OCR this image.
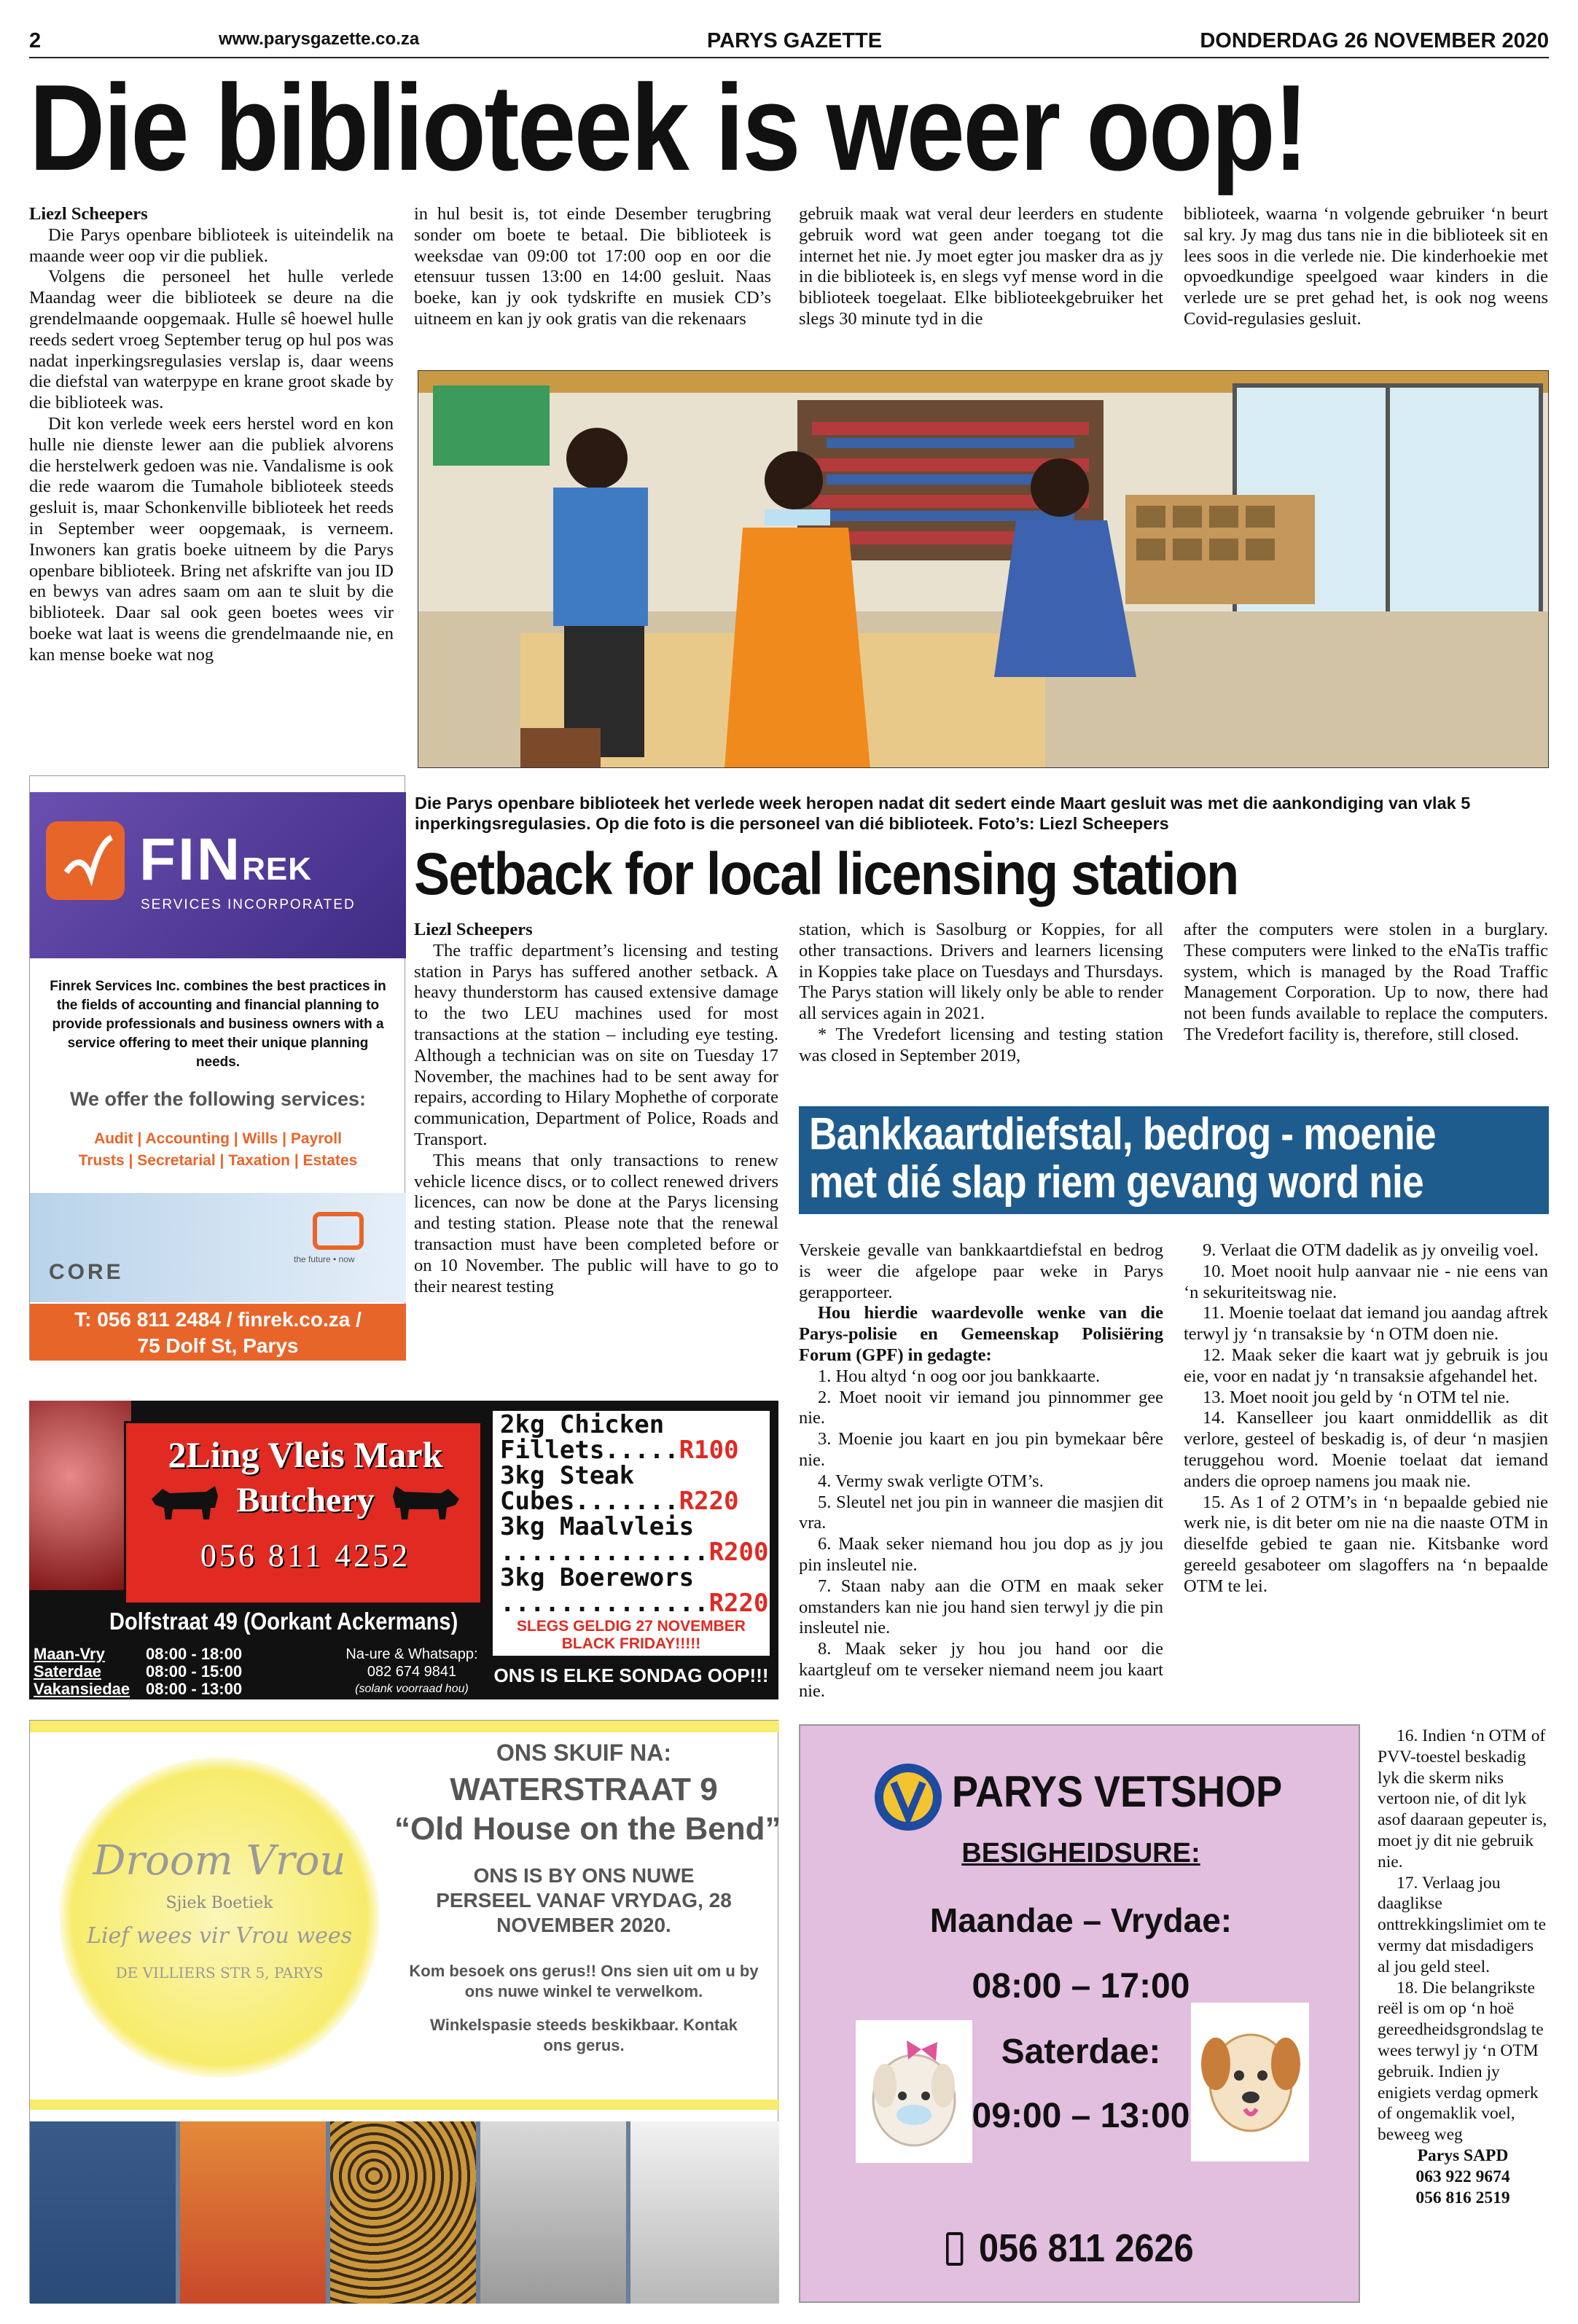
2	www.parysgazette.co.za	PARYS GAZETTE	DONDERDAG 26 NOVEMBER 2020
Die biblioteek is weer oop!
Liezl Scheepers

Die Parys openbare biblioteek is uiteindelik na maande weer oop vir die publiek.

Volgens die personeel het hulle verlede Maandag weer die biblioteek se deure na die grendelmaande oopgemaak. Hulle sê hoewel hulle reeds sedert vroeg September terug op hul pos was nadat inperkingsregulasies verslap is, daar weens die diefstal van waterpype en krane groot skade by die biblioteek was.

Dit kon verlede week eers herstel word en kon hulle nie dienste lewer aan die publiek alvorens die herstelwerk gedoen was nie. Vandalisme is ook die rede waarom die Tumahole biblioteek steeds gesluit is, maar Schonkenville biblioteek het reeds in September weer oopgemaak, is verneem. Inwoners kan gratis boeke uitneem by die Parys openbare biblioteek. Bring net afskrifte van jou ID en bewys van adres saam om aan te sluit by die biblioteek. Daar sal ook geen boetes wees vir boeke wat laat is weens die grendelmaande nie, en kan mense boeke wat nog

in hul besit is, tot einde Desember terugbring sonder om boete te betaal. Die biblioteek is weeksdae van 09:00 tot 17:00 oop en oor die etensuur tussen 13:00 en 14:00 gesluit. Naas boeke, kan jy ook tydskrifte en musiek CD’s uitneem en kan jy ook gratis van die rekenaars

gebruik maak wat veral deur leerders en studente gebruik word wat geen ander toegang tot die internet het nie. Jy moet egter jou masker dra as jy in die biblioteek is, en slegs vyf mense word in die biblioteek toegelaat. Elke biblioteekgebruiker het slegs 30 minute tyd in die

biblioteek, waarna ‘n volgende gebruiker ‘n beurt sal kry. Jy mag dus tans nie in die biblioteek sit en lees soos in die verlede nie. Die kinderhoekie met opvoedkundige speelgoed waar kinders in die verlede ure se pret gehad het, is ook nog weens Covid-regulasies gesluit.

Die Parys openbare biblioteek het verlede week heropen nadat dit sedert einde Maart gesluit was met die aankondiging van vlak 5 inperkingsregulasies. Op die foto is die personeel van dié biblioteek. Foto’s: Liezl Scheepers
FINREK
SERVICES INCORPORATED
Finrek Services Inc. combines the best practices in the fields of accounting and financial planning to provide professionals and business owners with a service offering to meet their unique planning needs.
We offer the following services:
Audit | Accounting | Wills | Payroll
Trusts | Secretarial | Taxation | Estates
CORE
the future • now
T: 056 811 2484 / finrek.co.za /
75 Dolf St, Parys
Setback for local licensing station
Liezl Scheepers

The traffic department’s licensing and testing station in Parys has suffered another setback. A heavy thunderstorm has caused extensive damage to the two LEU machines used for most transactions at the station – including eye testing. Although a technician was on site on Tuesday 17 November, the machines had to be sent away for repairs, according to Hilary Mophethe of corporate communication, Department of Police, Roads and Transport.

This means that only transactions to renew vehicle licence discs, or to collect renewed drivers licences, can now be done at the Parys licensing and testing station. Please note that the renewal transaction must have been completed before or on 10 November. The public will have to go to their nearest testing

station, which is Sasolburg or Koppies, for all other transactions. Drivers and learners licensing in Koppies take place on Tuesdays and Thursdays. The Parys station will likely only be able to render all services again in 2021.

* The Vredefort licensing and testing station was closed in September 2019,

after the computers were stolen in a burglary. These computers were linked to the eNaTis traffic system, which is managed by the Road Traffic Management Corporation. Up to now, there had not been funds available to replace the computers. The Vredefort facility is, therefore, still closed.

Bankkaartdiefstal, bedrog - moenie
met dié slap riem gevang word nie

Verskeie gevalle van bankkaartdiefstal en bedrog is weer die afgelope paar weke in Parys gerapporteer.

Hou hierdie waardevolle wenke van die Parys-polisie en Gemeenskap Polisiëring Forum (GPF) in gedagte:

1. Hou altyd ‘n oog oor jou bankkaarte.

2. Moet nooit vir iemand jou pinnommer gee nie.

3. Moenie jou kaart en jou pin bymekaar bêre nie.

4. Vermy swak verligte OTM’s.

5. Sleutel net jou pin in wanneer die masjien dit vra.

6. Maak seker niemand hou jou dop as jy jou pin insleutel nie.

7. Staan naby aan die OTM en maak seker omstanders kan nie jou hand sien terwyl jy die pin insleutel nie.

8. Maak seker jy hou jou hand oor die kaartgleuf om te verseker niemand neem jou kaart nie.

9. Verlaat die OTM dadelik as jy onveilig voel.

10. Moet nooit hulp aanvaar nie - nie eens van ‘n sekuriteitswag nie.

11. Moenie toelaat dat iemand jou aandag aftrek terwyl jy ‘n transaksie by ‘n OTM doen nie.

12. Maak seker die kaart wat jy gebruik is jou eie, voor en nadat jy ‘n transaksie afgehandel het.

13. Moet nooit jou geld by ‘n OTM tel nie.

14. Kanselleer jou kaart onmiddellik as dit verlore, gesteel of beskadig is, of deur ‘n masjien teruggehou word. Moenie toelaat dat iemand anders die oproep namens jou maak nie.

15. As 1 of 2 OTM’s in ‘n bepaalde gebied nie werk nie, is dit beter om nie na die naaste OTM in dieselfde gebied te gaan nie. Kitsbanke word gereeld gesaboteer om slagoffers na ‘n bepaalde OTM te lei.

16. Indien ‘n OTM of PVV-toestel beskadig lyk die skerm niks vertoon nie, of dit lyk asof daaraan gepeuter is, moet jy dit nie gebruik nie.

17. Verlaag jou daaglikse onttrekkingslimiet om te vermy dat misdadigers al jou geld steel.

18. Die belangrikste reël is om op ‘n hoë gereedheidsgrondslag te wees terwyl jy ‘n OTM gebruik. Indien jy enigiets verdag opmerk of ongemaklik voel, beweeg weg

Parys SAPD
063 922 9674
056 816 2519
2Ling Vleis Mark
Butchery
056 811 4252
Dolfstraat 49 (Oorkant Ackermans)
Maan-Vry	08:00 - 18:00
Saterdae	08:00 - 15:00
Vakansiedae 08:00 - 13:00
Na-ure & Whatsapp:
082 674 9841
(solank voorraad hou)
2kg Chicken
Fillets.....R100
3kg Steak
Cubes.......R220
3kg Maalvleis
..............R200
3kg Boerewors
..............R220
SLEGS GELDIG 27 NOVEMBER
BLACK FRIDAY!!!!!
ONS IS ELKE SONDAG OOP!!!
Droom Vrou
Sjiek Boetiek
Lief wees vir Vrou wees
DE VILLIERS STR 5, PARYS
ONS SKUIF NA:
WATERSTRAAT 9
“Old House on the Bend”
ONS IS BY ONS NUWE PERSEEL VANAF VRYDAG, 28 NOVEMBER 2020.
Kom besoek ons gerus!! Ons sien uit om u by ons nuwe winkel te verwelkom.
Winkelspasie steeds beskikbaar. Kontak ons gerus.
PARYS VETSHOP
BESIGHEIDSURE:
Maandae – Vrydae:
08:00 – 17:00
Saterdae:
09:00 – 13:00
056 811 2626
